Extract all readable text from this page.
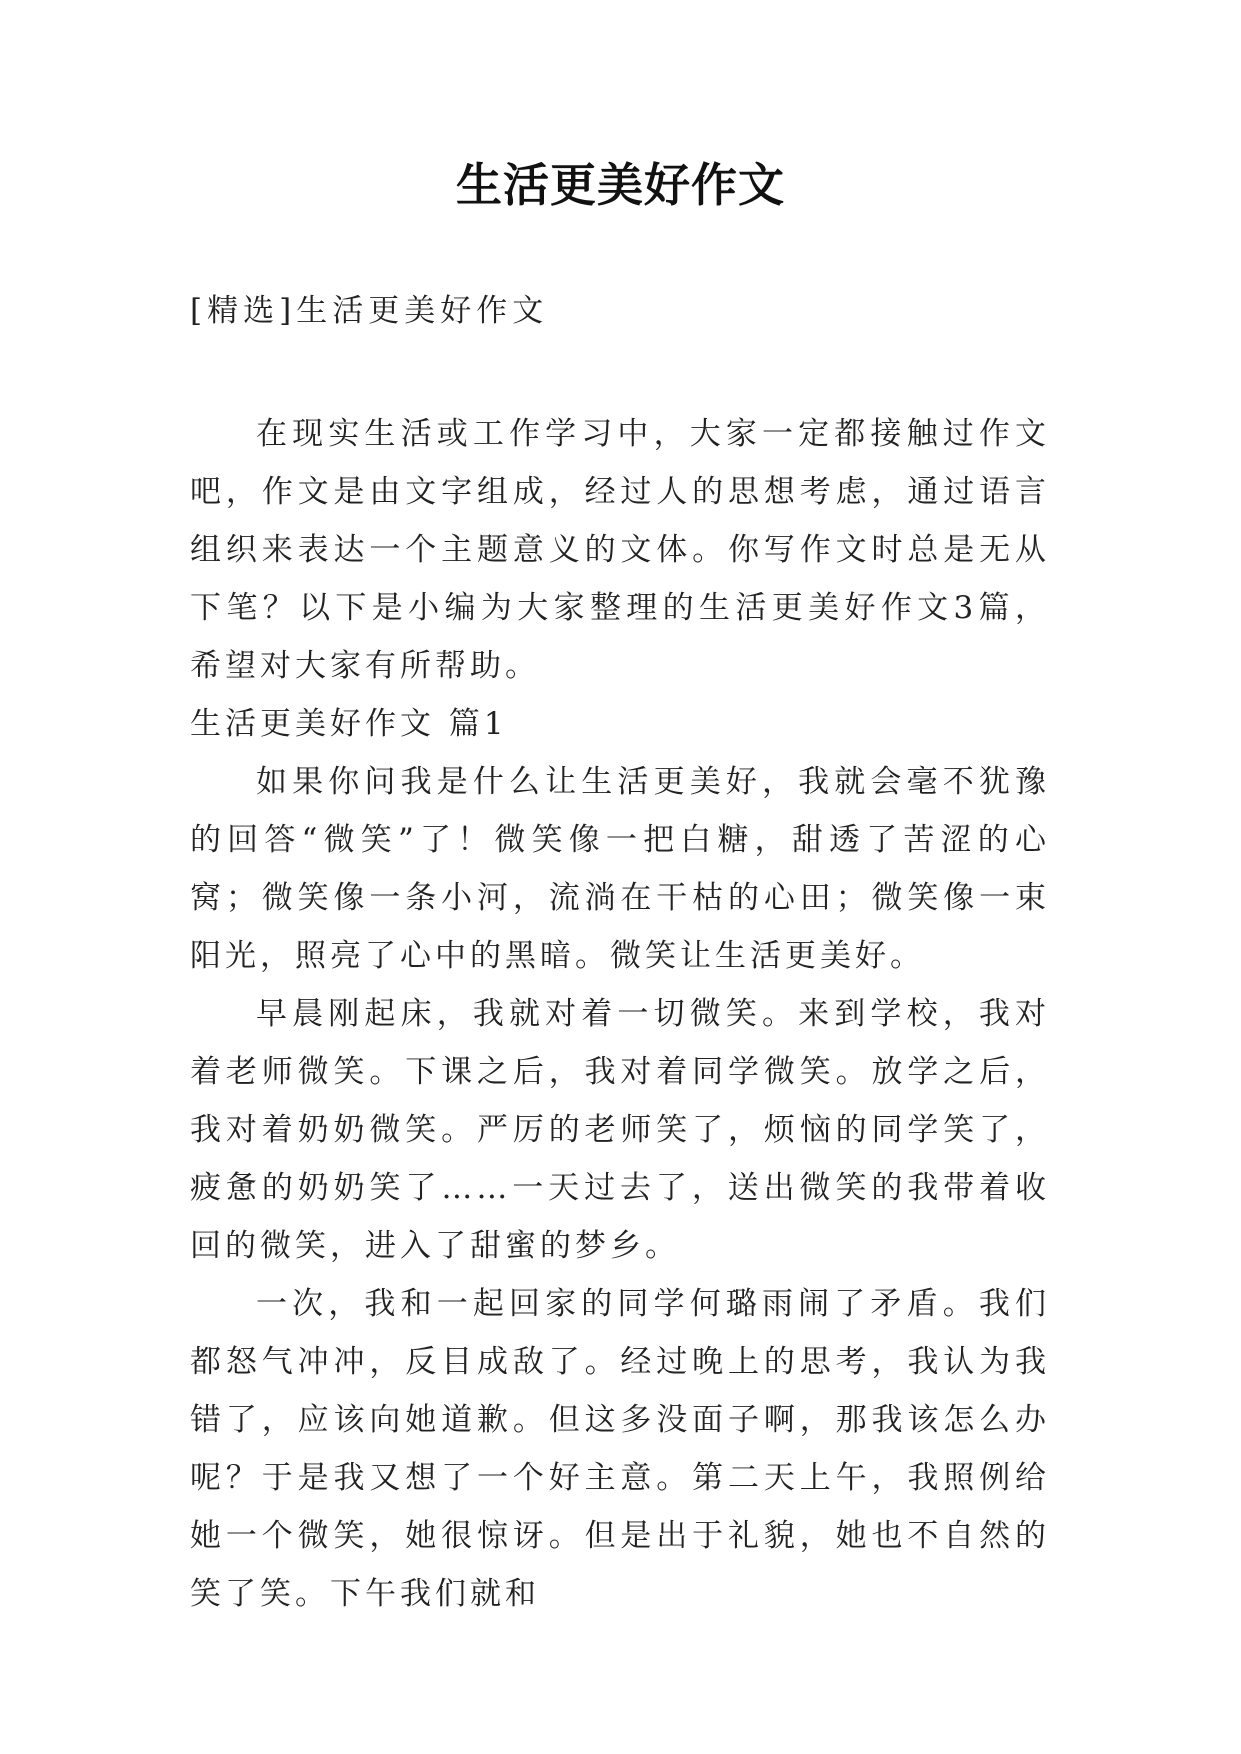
生活更美好作文
[精选]生活更美好作文

在现实生活或工作学习中，大家一定都接触过作文吧，作文是由文字组成，经过人的思想考虑，通过语言组织来表达一个主题意义的文体。你写作文时总是无从下笔？以下是小编为大家整理的生活更美好作文3篇，希望对大家有所帮助。

生活更美好作文 篇1

如果你问我是什么让生活更美好，我就会毫不犹豫的回答“微笑”了！微笑像一把白糖，甜透了苦涩的心窝；微笑像一条小河，流淌在干枯的心田；微笑像一束阳光，照亮了心中的黑暗。微笑让生活更美好。

早晨刚起床，我就对着一切微笑。来到学校，我对着老师微笑。下课之后，我对着同学微笑。放学之后，我对着奶奶微笑。严厉的老师笑了，烦恼的同学笑了，疲惫的奶奶笑了……一天过去了，送出微笑的我带着收回的微笑，进入了甜蜜的梦乡。

一次，我和一起回家的同学何璐雨闹了矛盾。我们都怒气冲冲，反目成敌了。经过晚上的思考，我认为我错了，应该向她道歉。但这多没面子啊，那我该怎么办呢？于是我又想了一个好主意。第二天上午，我照例给她一个微笑，她很惊讶。但是出于礼貌，她也不自然的笑了笑。下午我们就和
